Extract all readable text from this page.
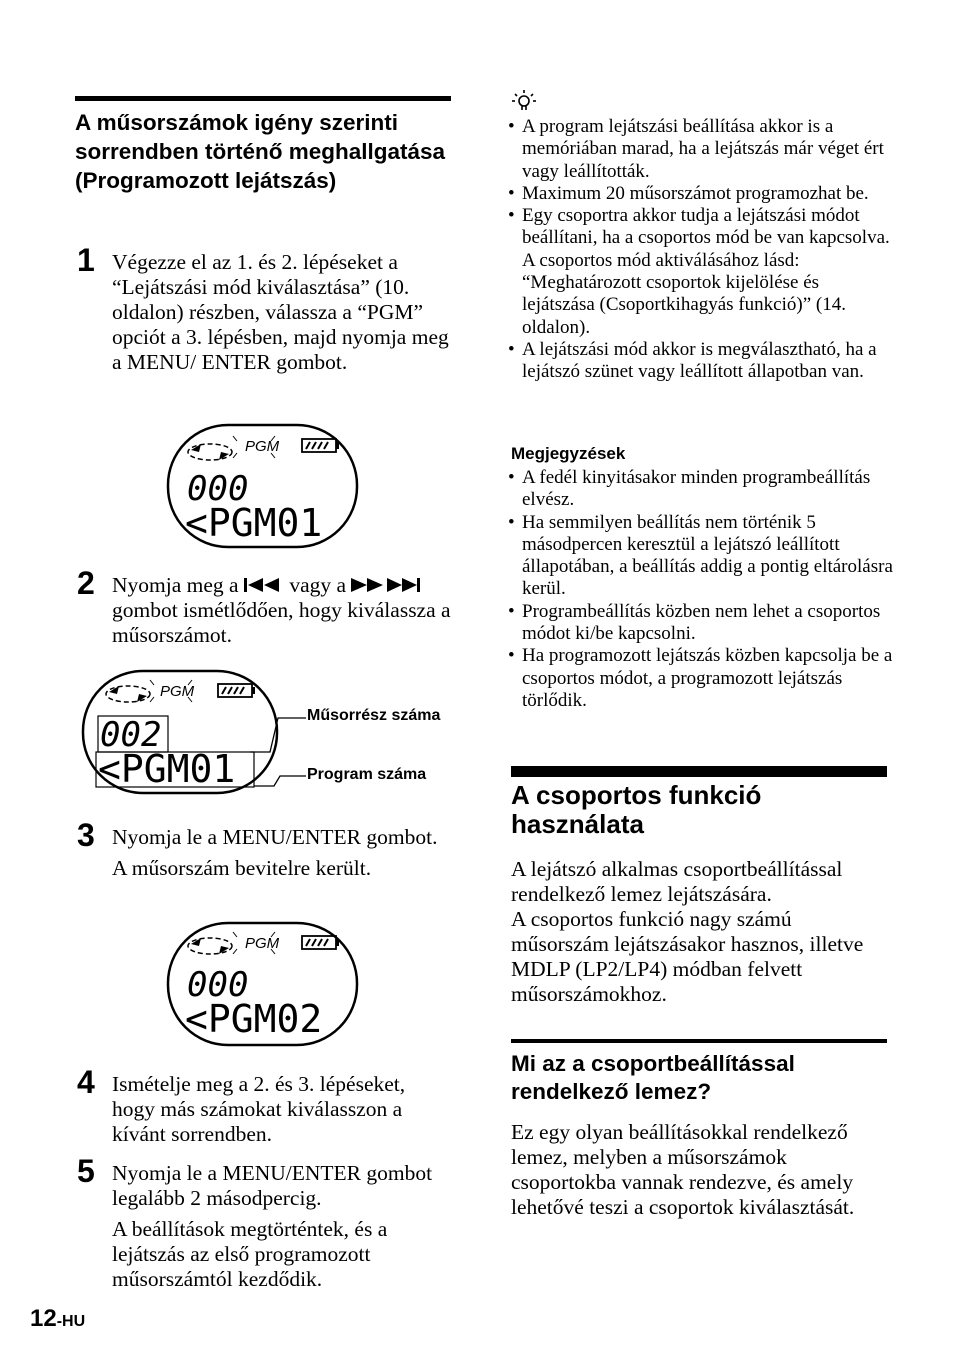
A műsorszámok igény szerinti sorrendben történő meghallgatása (Programozott lejátszás)
1 Végezze el az 1. és 2. lépéseket a “Lejátszási mód kiválasztása” (10. oldalon) részben, válassza a “PGM” opciót a 3. lépésben, majd nyomja meg a MENU/ ENTER gombot.
PGM
000
<PGM01
2 Nyomja meg a vagy a
gombot ismétlődően, hogy kiválassza a műsorszámot.
PGM
002
<PGM01
Műsorrész száma
Program száma
3 Nyomja le a MENU/ENTER gombot.
A műsorszám bevitelre került.
PGM
000
<PGM02
4 Ismételje meg a 2. és 3. lépéseket, hogy más számokat kiválasszon a kívánt sorrendben.
5 Nyomja le a MENU/ENTER gombot legalább 2 másodpercig.
A beállítások megtörténtek, és a lejátszás az első programozott műsorszámtól kezdődik.
• A program lejátszási beállítása akkor is a memóriában marad, ha a lejátszás már véget ért vagy leállították.
• Maximum 20 műsorszámot programozhat be.
• Egy csoportra akkor tudja a lejátszási módot beállítani, ha a csoportos mód be van kapcsolva. A csoportos mód aktiválásához lásd: “Meghatározott csoportok kijelölése és lejátszása (Csoportkihagyás funkció)” (14. oldalon).
• A lejátszási mód akkor is megválasztható, ha a lejátszó szünet vagy leállított állapotban van.
Megjegyzések
• A fedél kinyitásakor minden programbeállítás elvész.
• Ha semmilyen beállítás nem történik 5 másodpercen keresztül a lejátszó leállított állapotában, a beállítás addig a pontig eltárolásra kerül.
• Programbeállítás közben nem lehet a csoportos módot ki/be kapcsolni.
• Ha programozott lejátszás közben kapcsolja be a csoportos módot, a programozott lejátszás törlődik.
A csoportos funkció használata
A lejátszó alkalmas csoportbeállítással rendelkező lemez lejátszására.
A csoportos funkció nagy számú műsorszám lejátszásakor hasznos, illetve MDLP (LP2/LP4) módban felvett műsorszámokhoz.
Mi az a csoportbeállítással rendelkező lemez?
Ez egy olyan beállításokkal rendelkező lemez, melyben a műsorszámok csoportokba vannak rendezve, és amely lehetővé teszi a csoportok kiválasztását.
12-HU
